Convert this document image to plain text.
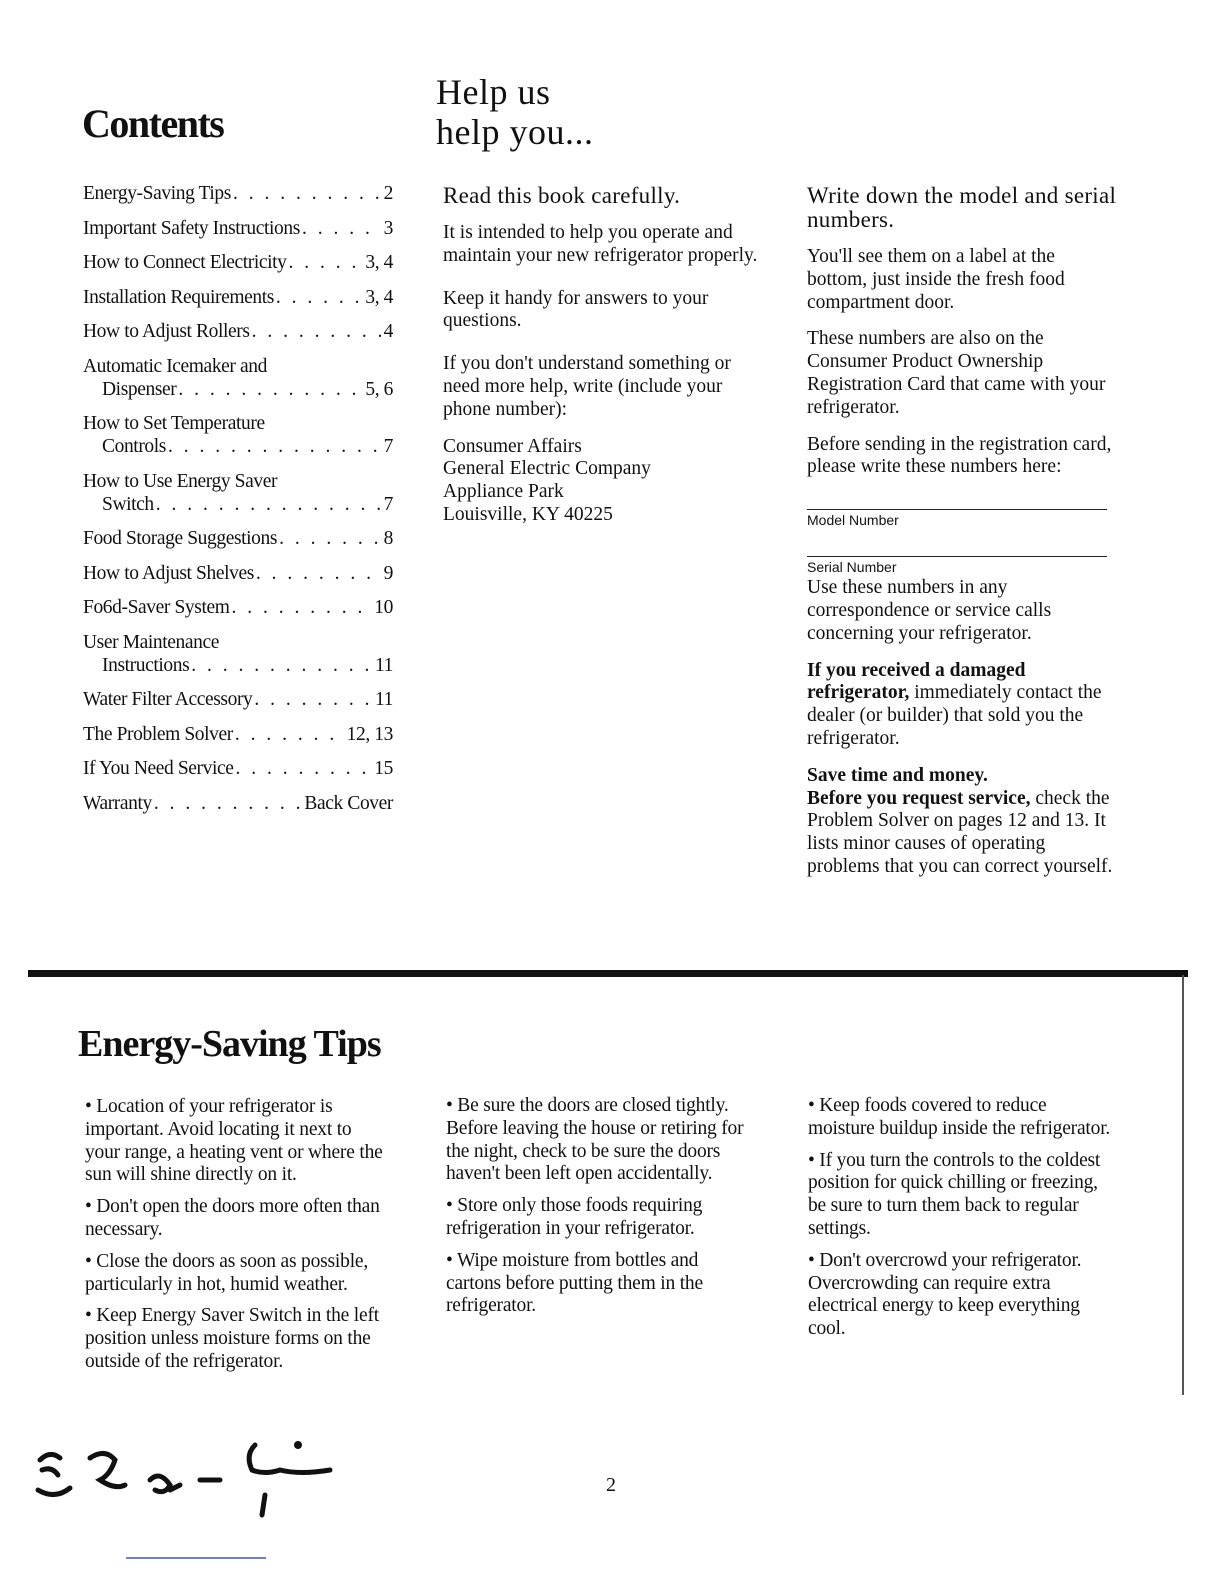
Contents
Energy-Saving Tips . . .	2
Important Safety Instructions . . .	3
How to Connect Electricity . . .	3, 4
Installation Requirements . . .	3, 4
How to Adjust Rollers . . .	4
Automatic Icemaker and
Dispenser . . .	5, 6
How to Set Temperature
Controls . . .	7
How to Use Energy Saver
Switch . . .	7
Food Storage Suggestions . . .	8
How to Adjust Shelves . . .	9
Fo6d-Saver System . . .	10
User Maintenance
Instructions . . .	11
Water Filter Accessory . . .	11
The Problem Solver . . .	12, 13
If You Need Service . . .	15
Warranty . . .	Back Cover
Help us
help you...
Read this book carefully.
It is intended to help you operate and maintain your new refrigerator properly.
Keep it handy for answers to your questions.
If you don't understand something or need more help, write (include your phone number):
Consumer Affairs
General Electric Company
Appliance Park
Louisville, KY 40225
Write down the model and serial numbers.
You'll see them on a label at the bottom, just inside the fresh food compartment door.
These numbers are also on the Consumer Product Ownership Registration Card that came with your refrigerator.
Before sending in the registration card, please write these numbers here:
Model Number
Serial Number
Use these numbers in any correspondence or service calls concerning your refrigerator.
If you received a damaged refrigerator, immediately contact the dealer (or builder) that sold you the refrigerator.
Save time and money.
Before you request service, check the Problem Solver on pages 12 and 13. It lists minor causes of operating problems that you can correct yourself.
Energy-Saving Tips

• Location of your refrigerator is important. Avoid locating it next to your range, a heating vent or where the sun will shine directly on it.

• Don't open the doors more often than necessary.

• Close the doors as soon as possible, particularly in hot, humid weather.

• Keep Energy Saver Switch in the left position unless moisture forms on the outside of the refrigerator.

• Be sure the doors are closed tightly. Before leaving the house or retiring for the night, check to be sure the doors haven't been left open accidentally.

• Store only those foods requiring refrigeration in your refrigerator.

• Wipe moisture from bottles and cartons before putting them in the refrigerator.

• Keep foods covered to reduce moisture buildup inside the refrigerator.

• If you turn the controls to the coldest position for quick chilling or freezing, be sure to turn them back to regular settings.

• Don't overcrowd your refrigerator. Overcrowding can require extra electrical energy to keep everything cool.

2
